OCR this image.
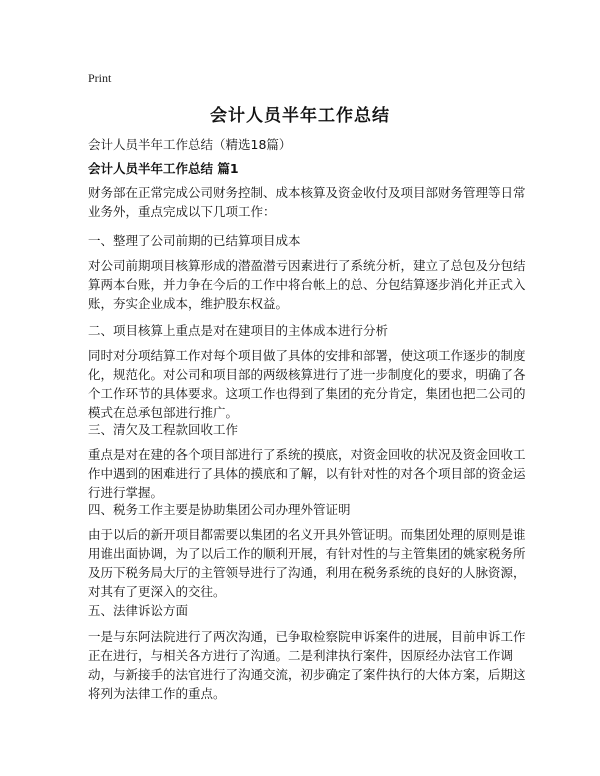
Print
会计人员半年工作总结
会计人员半年工作总结（精选18篇）
会计人员半年工作总结 篇1

财务部在正常完成公司财务控制、成本核算及资金收付及项目部财务管理等日常业务外，重点完成以下几项工作：

一、整理了公司前期的已结算项目成本

对公司前期项目核算形成的潜盈潜亏因素进行了系统分析，建立了总包及分包结算两本台账，并力争在今后的工作中将台帐上的总、分包结算逐步消化并正式入账，夯实企业成本，维护股东权益。

二、项目核算上重点是对在建项目的主体成本进行分析

同时对分项结算工作对每个项目做了具体的安排和部署，使这项工作逐步的制度化，规范化。对公司和项目部的两级核算进行了进一步制度化的要求，明确了各个工作环节的具体要求。这项工作也得到了集团的充分肯定，集团也把二公司的模式在总承包部进行推广。

三、清欠及工程款回收工作

重点是对在建的各个项目部进行了系统的摸底，对资金回收的状况及资金回收工作中遇到的困难进行了具体的摸底和了解，以有针对性的对各个项目部的资金运行进行掌握。

四、税务工作主要是协助集团公司办理外管证明

由于以后的新开项目都需要以集团的名义开具外管证明。而集团处理的原则是谁用谁出面协调，为了以后工作的顺利开展，有针对性的与主管集团的姚家税务所及历下税务局大厅的主管领导进行了沟通，利用在税务系统的良好的人脉资源，对其有了更深入的交往。

五、法律诉讼方面

一是与东阿法院进行了两次沟通，已争取检察院申诉案件的进展，目前申诉工作正在进行，与相关各方进行了沟通。二是利津执行案件，因原经办法官工作调动，与新接手的法官进行了沟通交流，初步确定了案件执行的大体方案，后期这将列为法律工作的重点。
